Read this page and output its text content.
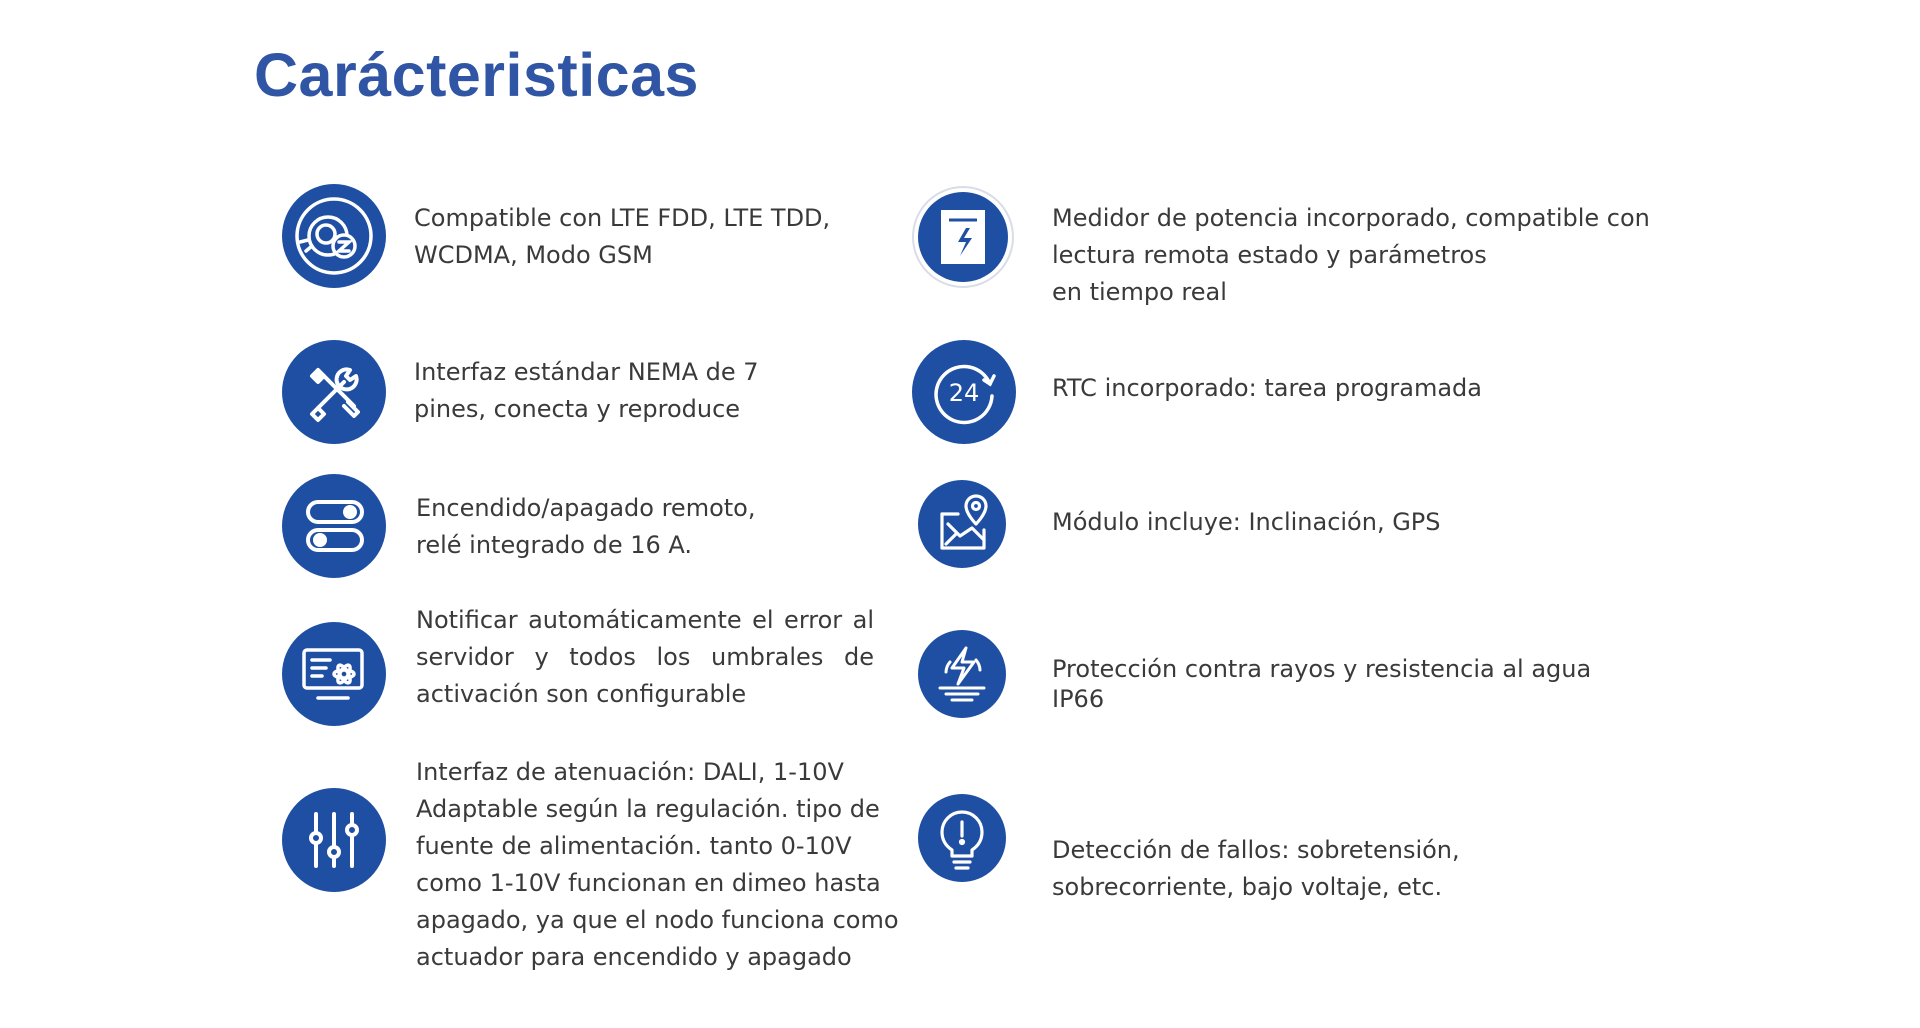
Carácteristicas
Compatible con LTE FDD, LTE TDD,
WCDMA, Modo GSM
Interfaz estándar NEMA de 7
pines, conecta y reproduce
Encendido/apagado remoto,
relé integrado de 16 A.
Notificar automáticamente el error al servidor y todos los umbrales de activación son configurable
Interfaz de atenuación: DALI, 1-10V
Adaptable según la regulación. tipo de
fuente de alimentación. tanto 0-10V
como 1-10V funcionan en dimeo hasta
apagado, ya que el nodo funciona como
actuador para encendido y apagado
Medidor de potencia incorporado, compatible con
lectura remota estado y parámetros
en tiempo real
24	RTC incorporado: tarea programada
Módulo incluye: Inclinación, GPS
Protección contra rayos y resistencia al agua
IP66
Detección de fallos: sobretensión,
sobrecorriente, bajo voltaje, etc.
